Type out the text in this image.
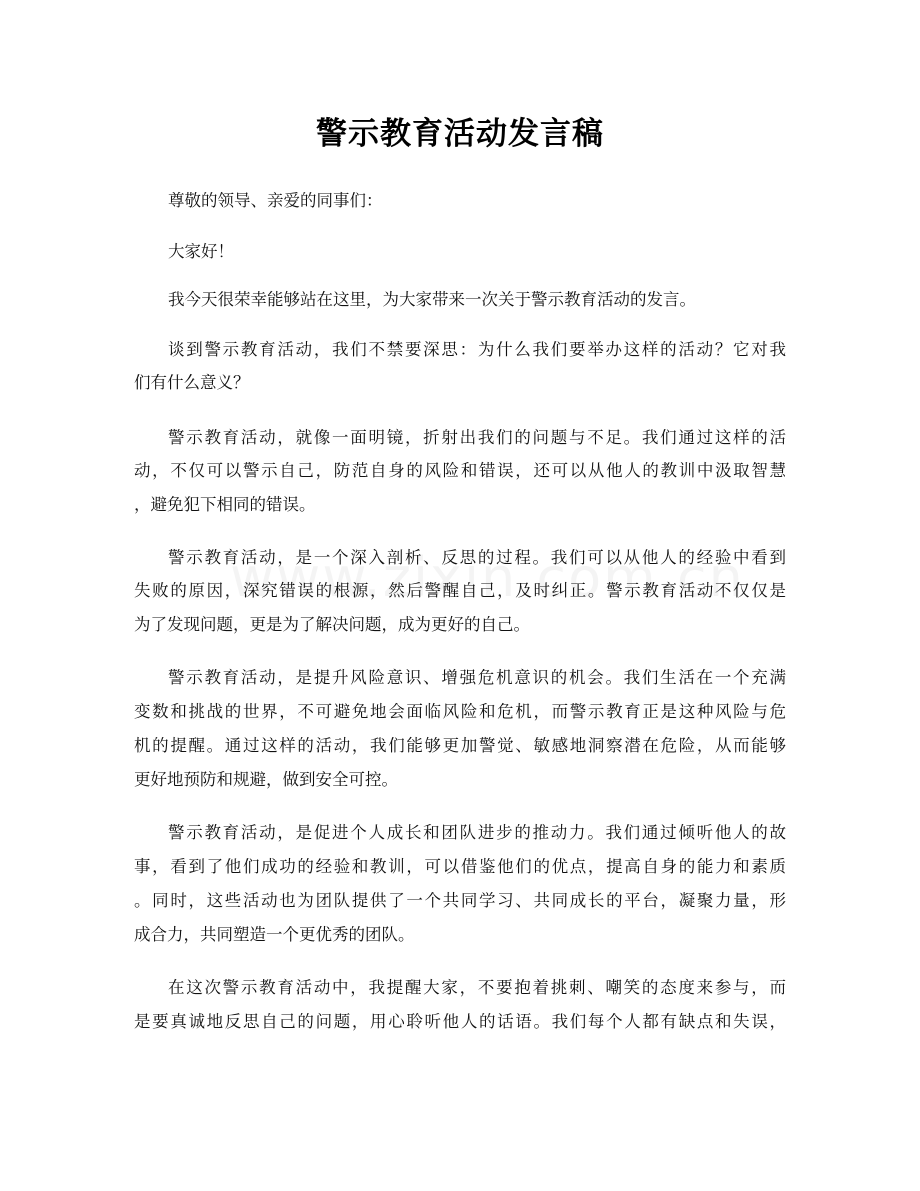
警示教育活动发言稿

尊敬的领导、亲爱的同事们：

大家好！

我今天很荣幸能够站在这里，为大家带来一次关于警示教育活动的发言。

谈到警示教育活动，我们不禁要深思：为什么我们要举办这样的活动？它对我

们有什么意义？

警示教育活动，就像一面明镜，折射出我们的问题与不足。我们通过这样的活

动，不仅可以警示自己，防范自身的风险和错误，还可以从他人的教训中汲取智慧

，避免犯下相同的错误。

警示教育活动，是一个深入剖析、反思的过程。我们可以从他人的经验中看到

失败的原因，深究错误的根源，然后警醒自己，及时纠正。警示教育活动不仅仅是

为了发现问题，更是为了解决问题，成为更好的自己。

警示教育活动，是提升风险意识、增强危机意识的机会。我们生活在一个充满

变数和挑战的世界，不可避免地会面临风险和危机，而警示教育正是这种风险与危

机的提醒。通过这样的活动，我们能够更加警觉、敏感地洞察潜在危险，从而能够

更好地预防和规避，做到安全可控。

警示教育活动，是促进个人成长和团队进步的推动力。我们通过倾听他人的故

事，看到了他们成功的经验和教训，可以借鉴他们的优点，提高自身的能力和素质

。同时，这些活动也为团队提供了一个共同学习、共同成长的平台，凝聚力量，形

成合力，共同塑造一个更优秀的团队。

在这次警示教育活动中，我提醒大家，不要抱着挑刺、嘲笑的态度来参与，而

是要真诚地反思自己的问题，用心聆听他人的话语。我们每个人都有缺点和失误，
